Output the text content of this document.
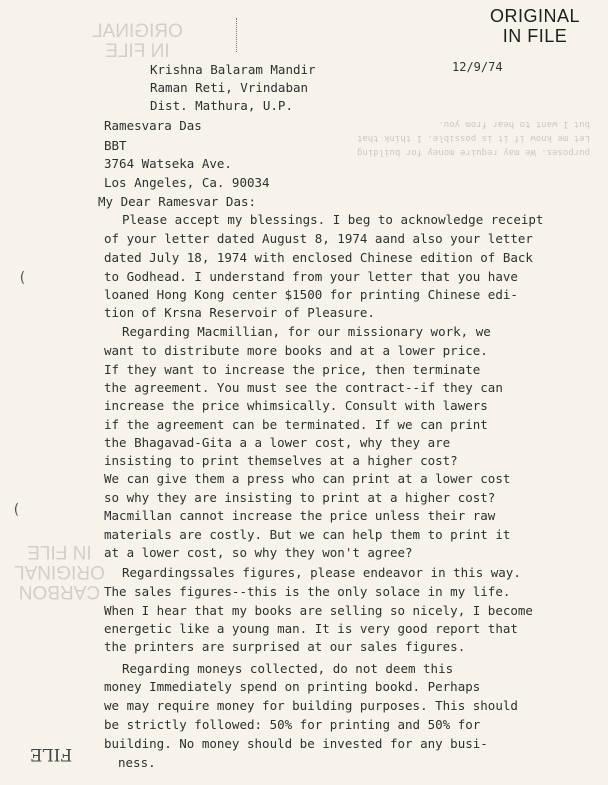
ORIGINAL
IN FILE
ORIGINAL
IN FILE
12/9/74
purposes. We may require money for building
Let me know if it is possible. I think that
but I want to hear from you.
Krishna Balaram Mandir
Raman Reti, Vrindaban
Dist. Mathura, U.P.
Ramesvara Das
BBT
3764 Watseka Ave.
Los Angeles, Ca. 90034
My Dear Ramesvar Das:
Please accept my blessings. I beg to acknowledge receipt
of your letter dated August 8, 1974 aand also your letter
dated July 18, 1974 with enclosed Chinese edition of Back
to Godhead. I understand from your letter that you have
loaned Hong Kong center $1500 for printing Chinese edi-
tion of Krsna Reservoir of Pleasure.
Regarding Macmillian, for our missionary work, we
want to distribute more books and at a lower price.
If they want to increase the price, then terminate
the agreement. You must see the contract--if they can
increase the price whimsically. Consult with lawers
if the agreement can be terminated. If we can print
the Bhagavad-Gita a a lower cost, why they are
insisting to print themselves at a higher cost?
We can give them a press who can print at a lower cost
so why they are insisting to print at a higher cost?
Macmillan cannot increase the price unless their raw
materials are costly. But we can help them to print it
at a lower cost, so why they won't agree?
Regardingssales figures, please endeavor in this way.
The sales figures--this is the only solace in my life.
When I hear that my books are selling so nicely, I become
energetic like a young man. It is very good report that
the printers are surprised at our sales figures.
Regarding moneys collected, do not deem this
money Immediately spend on printing bookd. Perhaps
we may require money for building purposes. This should
be strictly followed: 50% for printing and 50% for
building. No money should be invested for any busi-
ness.
(
(
CARBON
ORIGINAL
IN FILE
FILE
